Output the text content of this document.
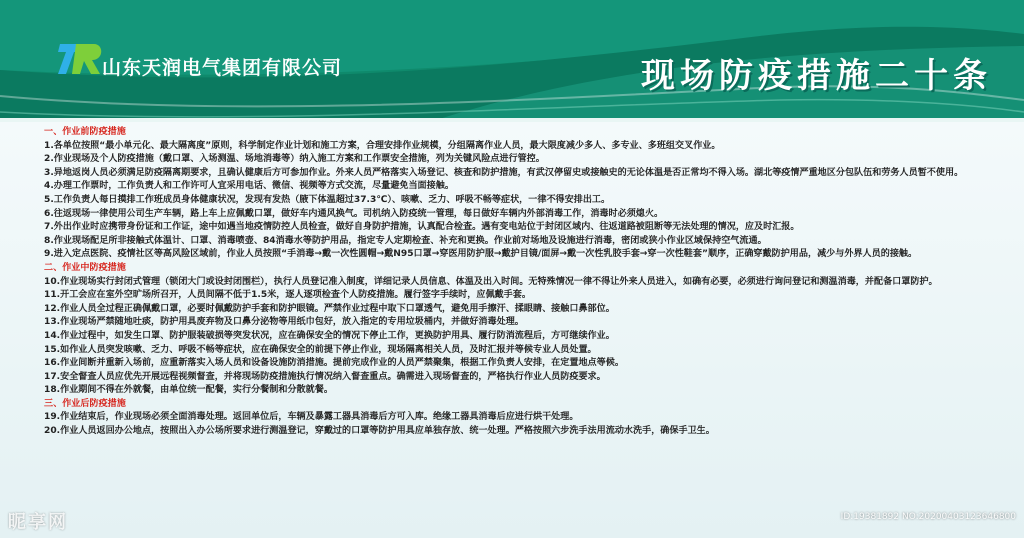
山东天润电气集团有限公司	现场防疫措施二十条
一、作业前防疫措施

1.各单位按照“最小单元化、最大隔离度”原则，科学制定作业计划和施工方案，合理安排作业规模，分组隔离作业人员，最大限度减少多人、多专业、多班组交叉作业。

2.作业现场及个人防疫措施（戴口罩、入场测温、场地消毒等）纳入施工方案和工作票安全措施，列为关键风险点进行管控。

3.异地返岗人员必须满足防疫隔离期要求，且确认健康后方可参加作业。外来人员严格落实入场登记、核查和防护措施，有武汉停留史或接触史的无论体温是否正常均不得入场。湖北等疫情严重地区分包队伍和劳务人员暂不使用。

4.办理工作票时，工作负责人和工作许可人宜采用电话、微信、视频等方式交流，尽量避免当面接触。

5.工作负责人每日摸排工作班成员身体健康状况，发现有发热（腋下体温超过37.3℃）、咳嗽、乏力、呼吸不畅等症状，一律不得安排出工。

6.往返现场一律使用公司生产车辆，路上车上应佩戴口罩，做好车内通风换气。司机纳入防疫统一管理，每日做好车辆内外部消毒工作，消毒时必须熄火。

7.外出作业时应携带身份证和工作证，途中如遇当地疫情防控人员检查，做好自身防护措施，认真配合检查。遇有变电站位于封闭区域内、往返道路被阻断等无法处理的情况，应及时汇报。

8.作业现场配足所非接触式体温计、口罩、消毒喷壶、84消毒水等防护用品，指定专人定期检查、补充和更换。作业前对场地及设施进行消毒，密闭或狭小作业区域保持空气流通。

9.进入定点医院、疫情社区等高风险区域前，作业人员按照“手消毒→戴一次性圆帽→戴N95口罩→穿医用防护服→戴护目镜/面屏→戴一次性乳胶手套→穿一次性鞋套”顺序，正确穿戴防护用品，减少与外界人员的接触。

二、作业中防疫措施

10.作业现场实行封闭式管理（锁闭大门或设封闭围栏），执行人员登记准入制度，详细记录人员信息、体温及出入时间。无特殊情况一律不得让外来人员进入，如确有必要，必须进行询问登记和测温消毒，并配备口罩防护。

11.开工会应在室外空旷场所召开，人员间隔不低于1.5米，逐人逐项检查个人防疫措施。履行签字手续时，应佩戴手套。

12.作业人员全过程正确佩戴口罩，必要时佩戴防护手套和防护眼镜。严禁作业过程中取下口罩透气，避免用手擦汗、揉眼睛、接触口鼻部位。

13.作业现场严禁随地吐痰，防护用具废弃物及口鼻分泌物等用纸巾包好，放入指定的专用垃圾桶内，并做好消毒处理。

14.作业过程中，如发生口罩、防护服装破损等突发状况，应在确保安全的情况下停止工作，更换防护用具、履行防消流程后，方可继续作业。

15.如作业人员突发咳嗽、乏力、呼吸不畅等症状，应在确保安全的前提下停止作业，现场隔离相关人员，及时汇报并等候专业人员处置。

16.作业间断并重新入场前，应重新落实入场人员和设备设施防消措施。提前完成作业的人员严禁聚集，根据工作负责人安排，在定置地点等候。

17.安全督查人员应优先开展远程视频督查，并将现场防疫措施执行情况纳入督查重点。确需进入现场督查的，严格执行作业人员防疫要求。

18.作业期间不得在外就餐，由单位统一配餐，实行分餐制和分散就餐。

三、作业后防疫措施

19.作业结束后，作业现场必须全面消毒处理。返回单位后，车辆及暴露工器具消毒后方可入库。绝缘工器具消毒后应进行烘干处理。

20.作业人员返回办公地点，按照出入办公场所要求进行测温登记，穿戴过的口罩等防护用具应单独存放、统一处理。严格按照六步洗手法用流动水洗手，确保手卫生。

昵享网	ID:19381892 NO:20200403123646800
